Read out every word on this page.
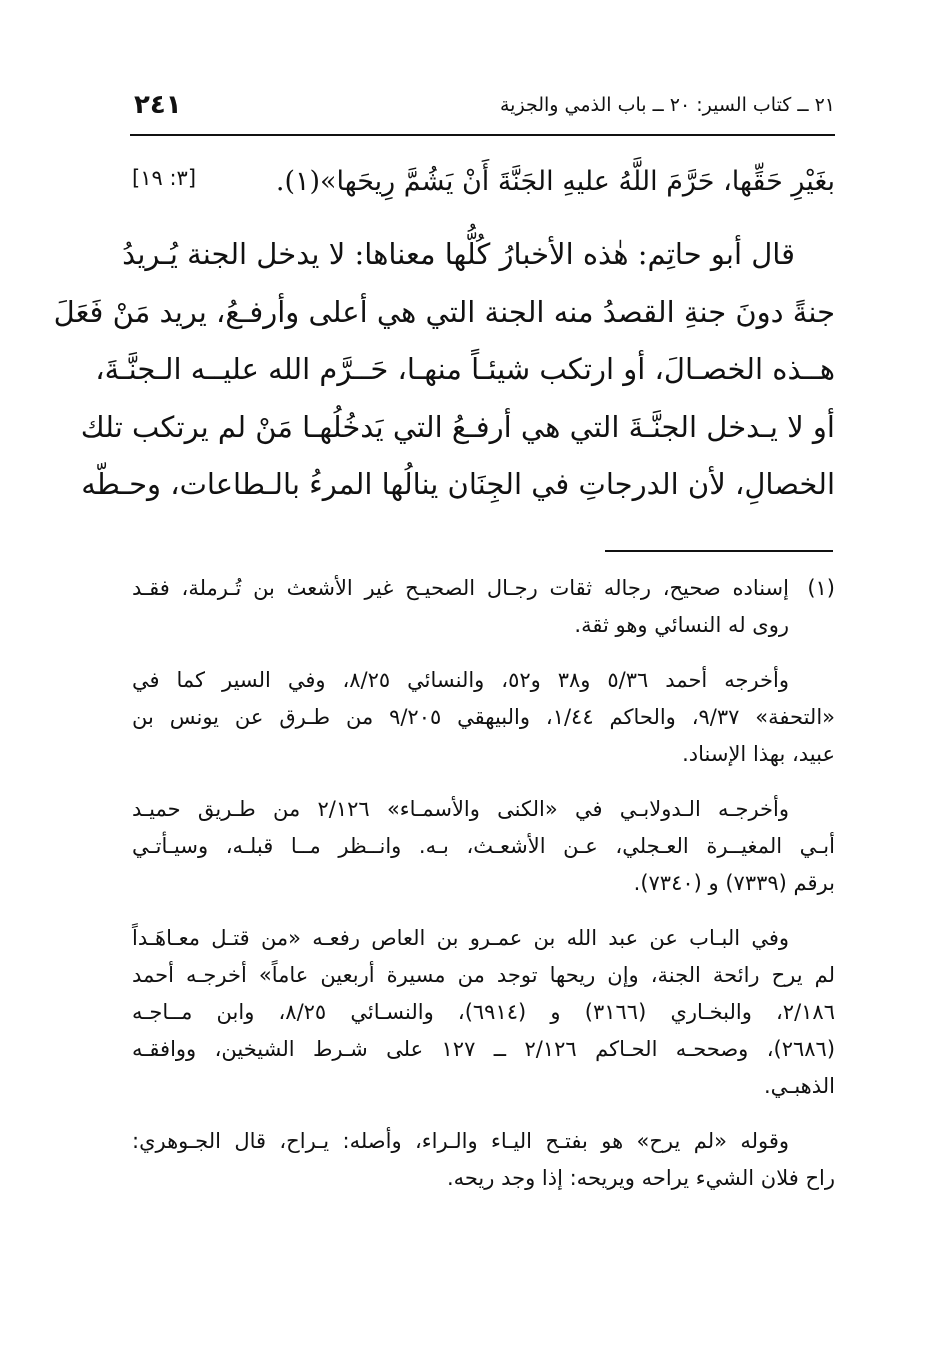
٢١ ــ كتاب السير: ٢٠ ــ باب الذمي والجزية
٢٤١
بغَيْرِ حَقِّها، حَرَّمَ اللَّهُ عليهِ الجَنَّةَ أَنْ يَشُمَّ رِيحَها»(١).
[٣: ١٩]
قال أبو حاتِم: هٰذه الأخبارُ كُلُّها معناها: لا يدخل الجنة يُـريدُ
جنةً دونَ جنةِ القصدُ منه الجنة التي هي أعلى وأرفـعُ، يريد مَنْ فَعَلَ
هــذه الخصـالَ، أو ارتكب شيئـاً منهـا، حَــرَّم الله عليــه الـجنَّـةَ،
أو لا يـدخل الجنَّـةَ التي هي أرفـعُ التي يَدخُلُهـا مَنْ لم يرتكب تلك
الخصالِ، لأن الدرجاتِ في الجِنَان ينالُها المرءُ بالـطاعات، وحـطّه
(١)إسناده صحيح، رجاله ثقات رجـال الصحيـح غير الأشعث بن تُـرملة، فقـد
روى له النسائي وهو ثقة.
وأخرجه أحمد ٥/٣٦ و٣٨ و٥٢، والنسائي ٨/٢٥، وفي السير كما في
«التحفة» ٩/٣٧، والحاكم ١/٤٤، والبيهقي ٩/٢٠٥ من طـرق عن يونس بن
عبيد، بهذا الإسناد.
وأخرجـه الـدولابـي في «الكنى والأسمـاء» ٢/١٢٦ من طـريق حميـد
أبـي المغيــرة العـجلي، عـن الأشعـث، بـه. وانــظر مــا قبلـه، وسيـأتـي
برقم (٧٣٣٩) و (٧٣٤٠).
وفي البـاب عن عبد الله بن عمـرو بن العاص رفعـه «من قتـل معـاهَـداً
لم يرح رائحة الجنة، وإن ريحها توجد من مسيرة أربعين عاماً» أخرجـه أحمد
٢/١٨٦، والبخـاري (٣١٦٦) و (٦٩١٤)، والنسـائي ٨/٢٥، وابن مــاجـه
(٢٦٨٦)، وصححـه الحـاكم ٢/١٢٦ ــ ١٢٧ على شـرط الشيخين، ووافقـه
الذهبـي.
وقوله «لم يرح» هو بفتـح اليـاء والـراء، وأصله: يـراح، قال الجـوهري:
راح فلان الشيء يراحه ويريحه: إذا وجد ريحه.
